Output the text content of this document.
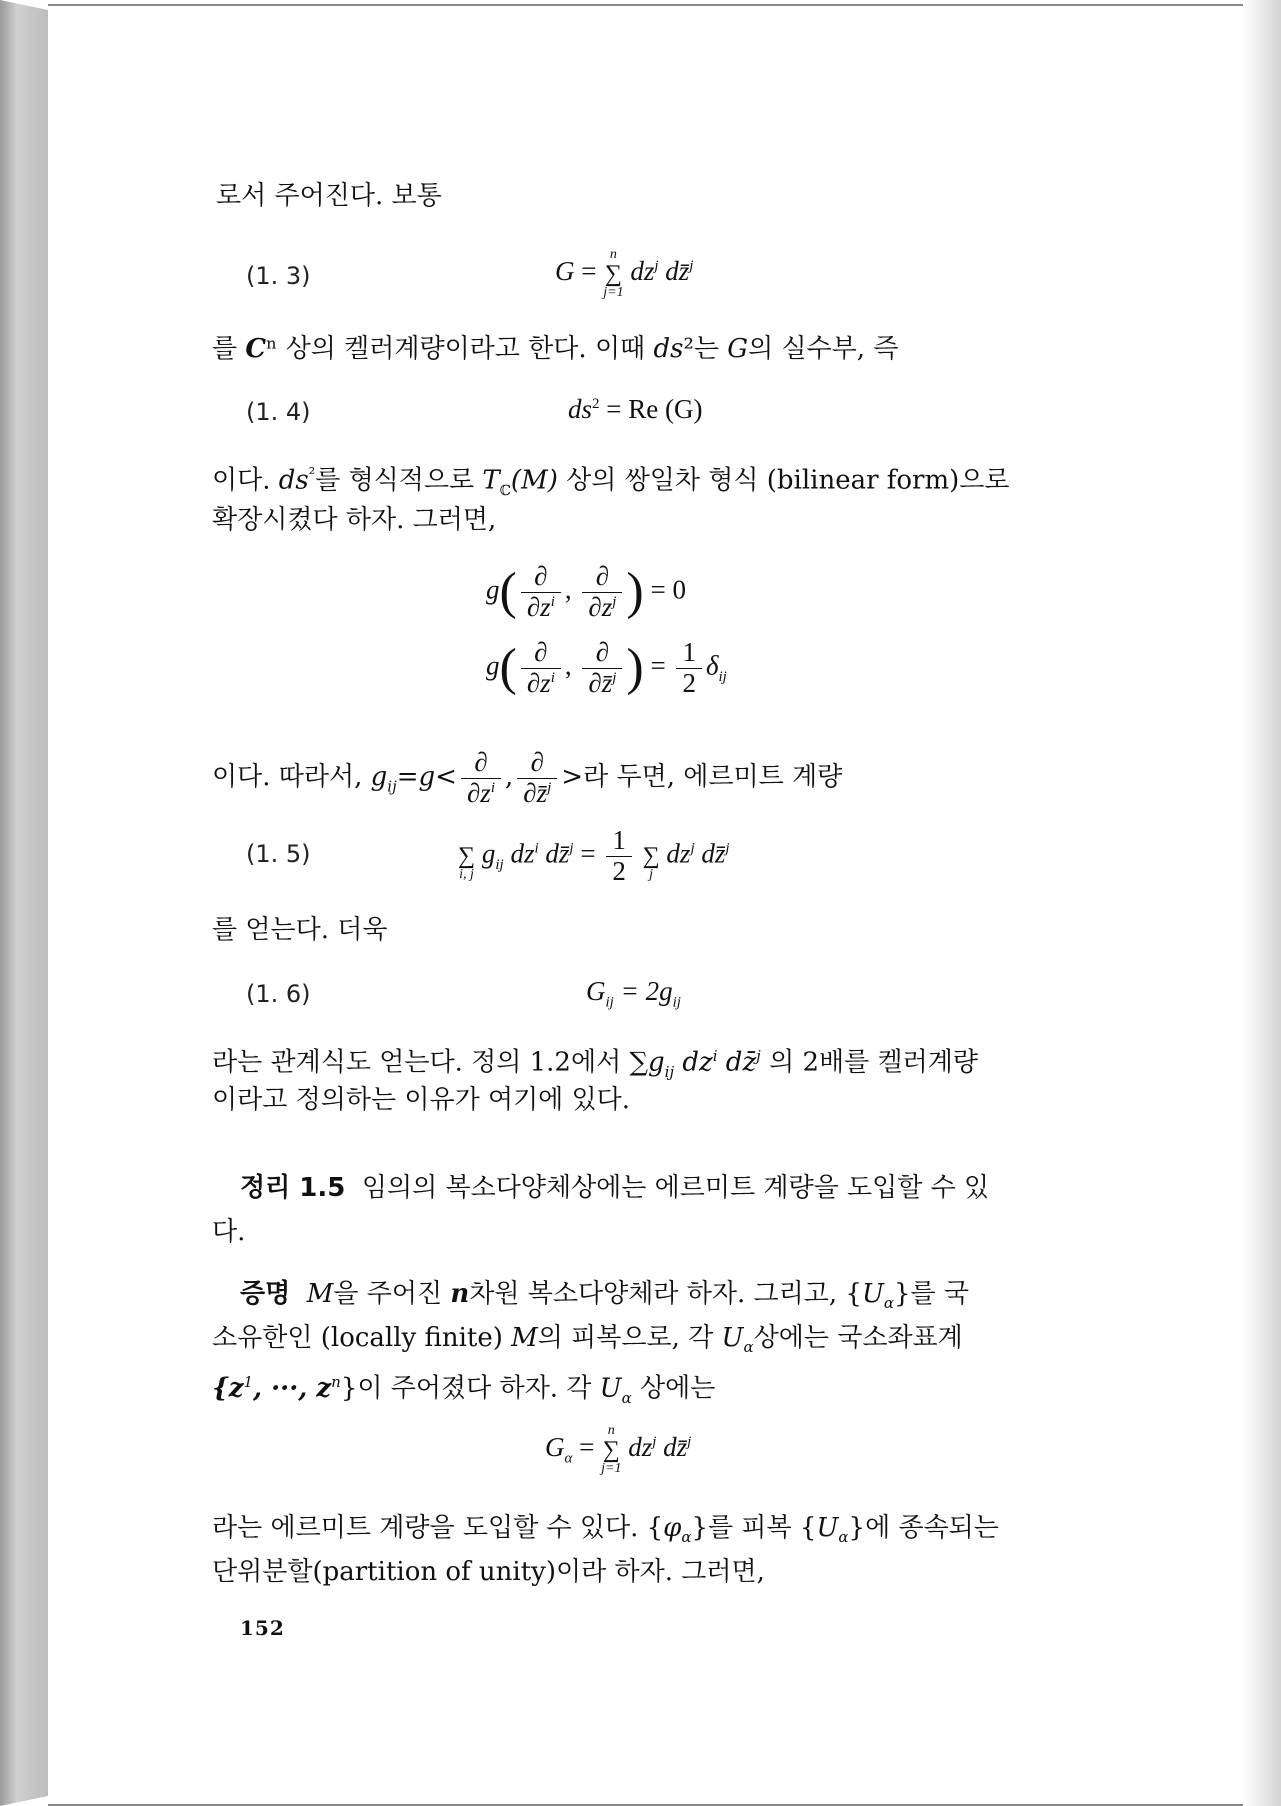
로서 주어진다. 보통
(1. 3)	G =
n
∑
j=1
$dz^j$ dz̄$^j$
를 Cⁿ 상의 켈러계량이라고 한다. 이때 ds²는 G의 실수부, 즉
(1. 4)	$ds^2 = Re$ (G)
이다. $ds^{^2}$를 형식적으로 $T_ℂ(M)$ 상의 쌍일차 형식 (bilinear form)으로
확장시켰다 하자. 그러면,
$g( \frac{\partial}{\partial z^i}$ , $\frac{\partial}{\partial z^j}$ ) = 0
$g( \frac{\partial}{\partial z^i}$ , $\frac{\partial}{\partial z̄^j}$ ) = $\frac{1}{2} \delta_{ij}$
이다. 따라서, $g_{ij}=g< \frac{\partial}{\partial z^i}$ , $\frac{\partial}{\partial z̄^j}$ >라 두면, 에르미트 계량
(1. 5)
	∑
i, j
$g_{ij}$ $dz^i$ dz̄$^j$ = $\frac{1}{2}$

∑
j
$dz^j$ dz̄$^j$
를 얻는다. 더욱
(1. 6)	$G_{ij} = 2g_{ij}$
라는 관계식도 얻는다. 정의 1.2에서 $\sum g_{ij}$ $dz^i$ dz̄$^j$ 의 2배를 켈러계량
이라고 정의하는 이유가 여기에 있다.
정리 1.5 임의의 복소다양체상에는 에르미트 계량을 도입할 수 있
다.
증명 M을 주어진 n차원 복소다양체라 하자. 그리고, $\{U_\alpha\}$를 국
소유한인 (locally finite) M의 피복으로, 각 $U_\alpha$상에는 국소좌표계
{$z^1$, ···, $z^n$}이 주어졌다 하자. 각 $U_\alpha$ 상에는
$G_\alpha$ =
n
∑
j=1
$dz^j$ dz̄$^j$
라는 에르미트 계량을 도입할 수 있다. $\{\varphi_\alpha\}$를 피복 $\{U_\alpha\}$에 종속되는
단위분할(partition of unity)이라 하자. 그러면,
152
